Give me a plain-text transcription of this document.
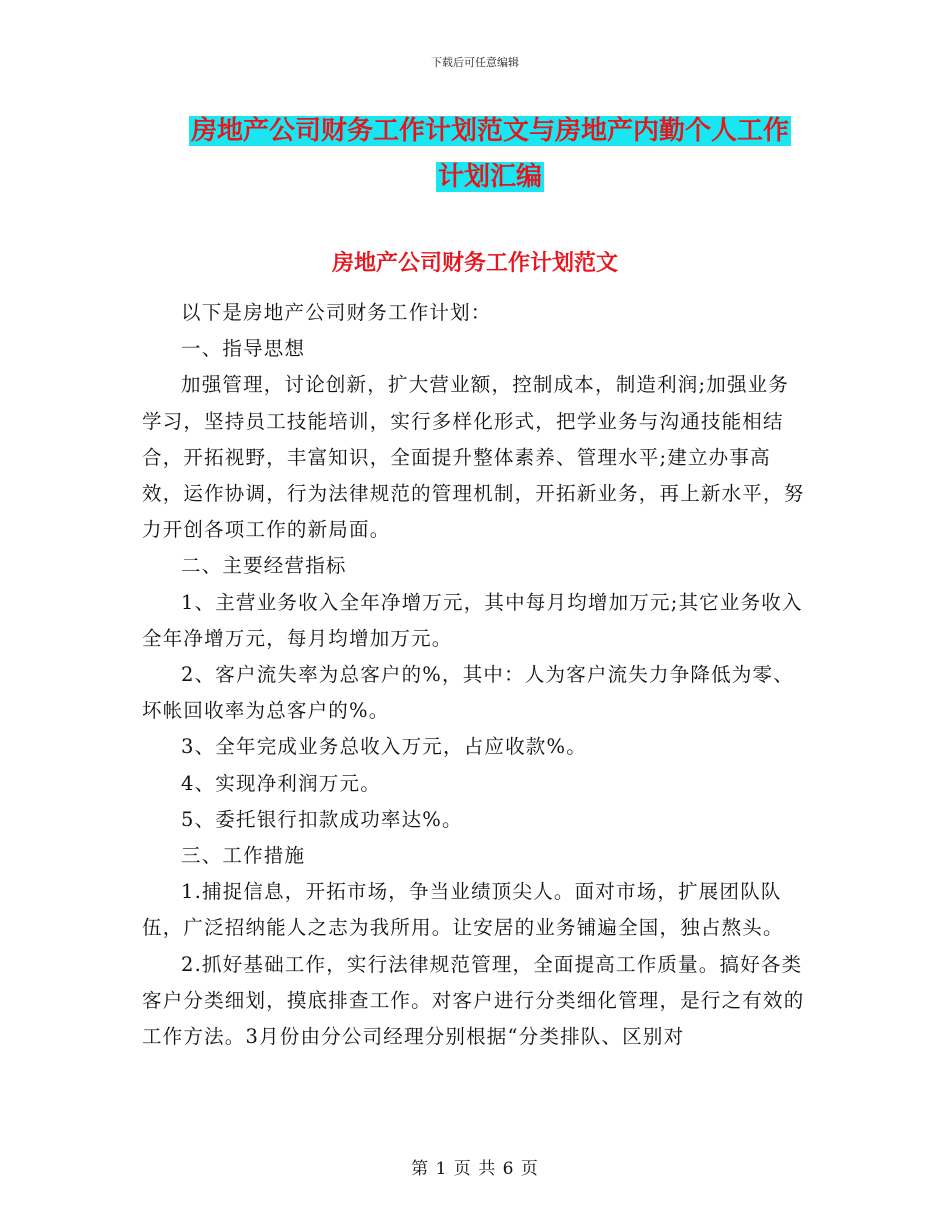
下载后可任意编辑
房地产公司财务工作计划范文与房地产内勤个人工作
计划汇编
房地产公司财务工作计划范文

以下是房地产公司财务工作计划：

一、指导思想

加强管理，讨论创新，扩大营业额，控制成本，制造利润;加强业务学习，坚持员工技能培训，实行多样化形式，把学业务与沟通技能相结合，开拓视野，丰富知识，全面提升整体素养、管理水平;建立办事高效，运作协调，行为法律规范的管理机制，开拓新业务，再上新水平，努力开创各项工作的新局面。

二、主要经营指标

1、主营业务收入全年净增万元，其中每月均增加万元;其它业务收入全年净增万元，每月均增加万元。

2、客户流失率为总客户的%，其中：人为客户流失力争降低为零、坏帐回收率为总客户的%。

3、全年完成业务总收入万元，占应收款%。

4、实现净利润万元。

5、委托银行扣款成功率达%。

三、工作措施

1.捕捉信息，开拓市场，争当业绩顶尖人。面对市场，扩展团队队伍，广泛招纳能人之志为我所用。让安居的业务铺遍全国，独占熬头。

2.抓好基础工作，实行法律规范管理，全面提高工作质量。搞好各类客户分类细划，摸底排查工作。对客户进行分类细化管理，是行之有效的工作方法。3月份由分公司经理分别根据“分类排队、区别对

第 1 页 共 6 页
